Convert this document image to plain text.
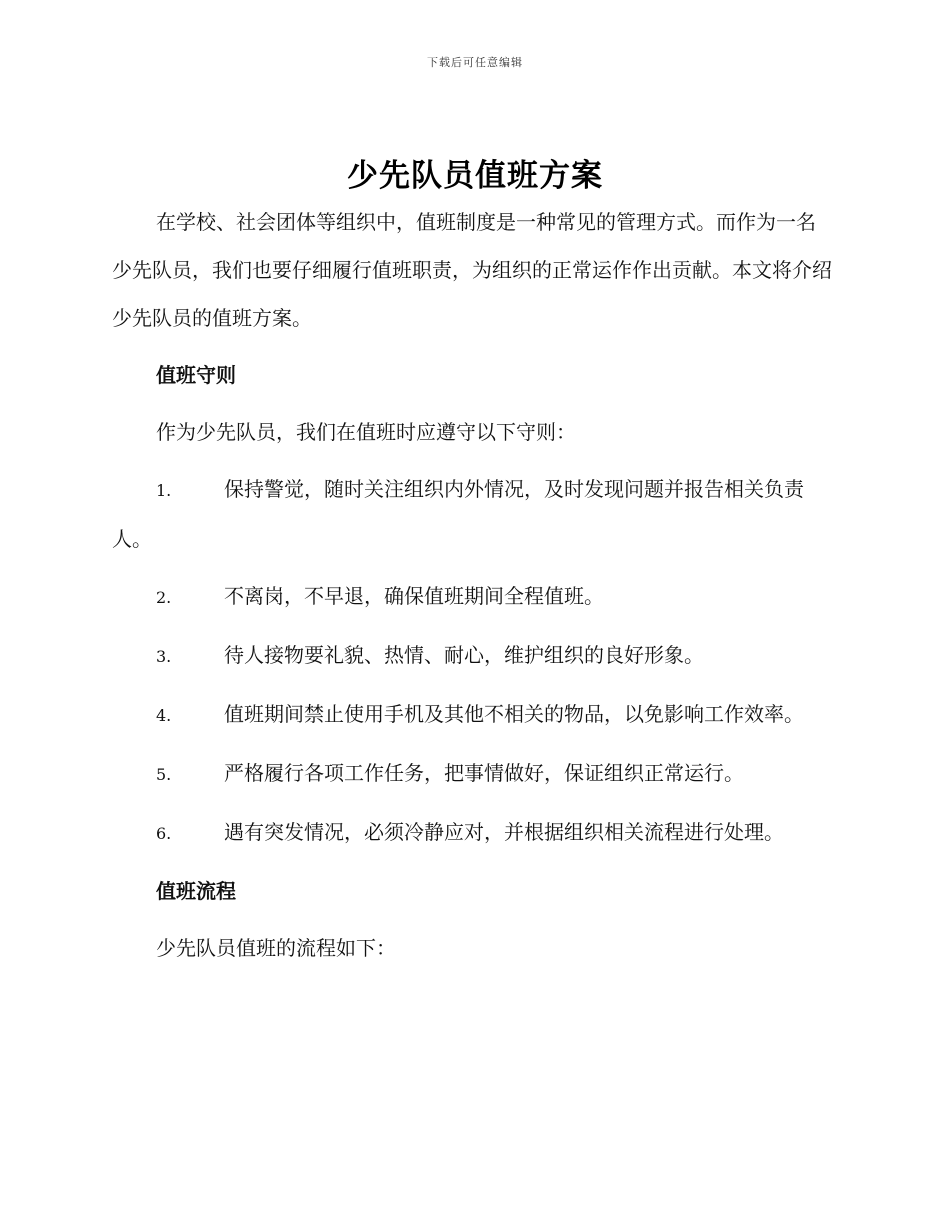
下载后可任意编辑
少先队员值班方案

在学校、社会团体等组织中，值班制度是一种常见的管理方式。而作为一名少先队员，我们也要仔细履行值班职责，为组织的正常运作作出贡献。本文将介绍少先队员的值班方案。

值班守则

作为少先队员，我们在值班时应遵守以下守则：

1.	保持警觉，随时关注组织内外情况，及时发现问题并报告相关负责人。

2.	不离岗，不早退，确保值班期间全程值班。

3.	待人接物要礼貌、热情、耐心，维护组织的良好形象。

4.	值班期间禁止使用手机及其他不相关的物品，以免影响工作效率。

5.	严格履行各项工作任务，把事情做好，保证组织正常运行。

6.	遇有突发情况，必须冷静应对，并根据组织相关流程进行处理。

值班流程

少先队员值班的流程如下：
